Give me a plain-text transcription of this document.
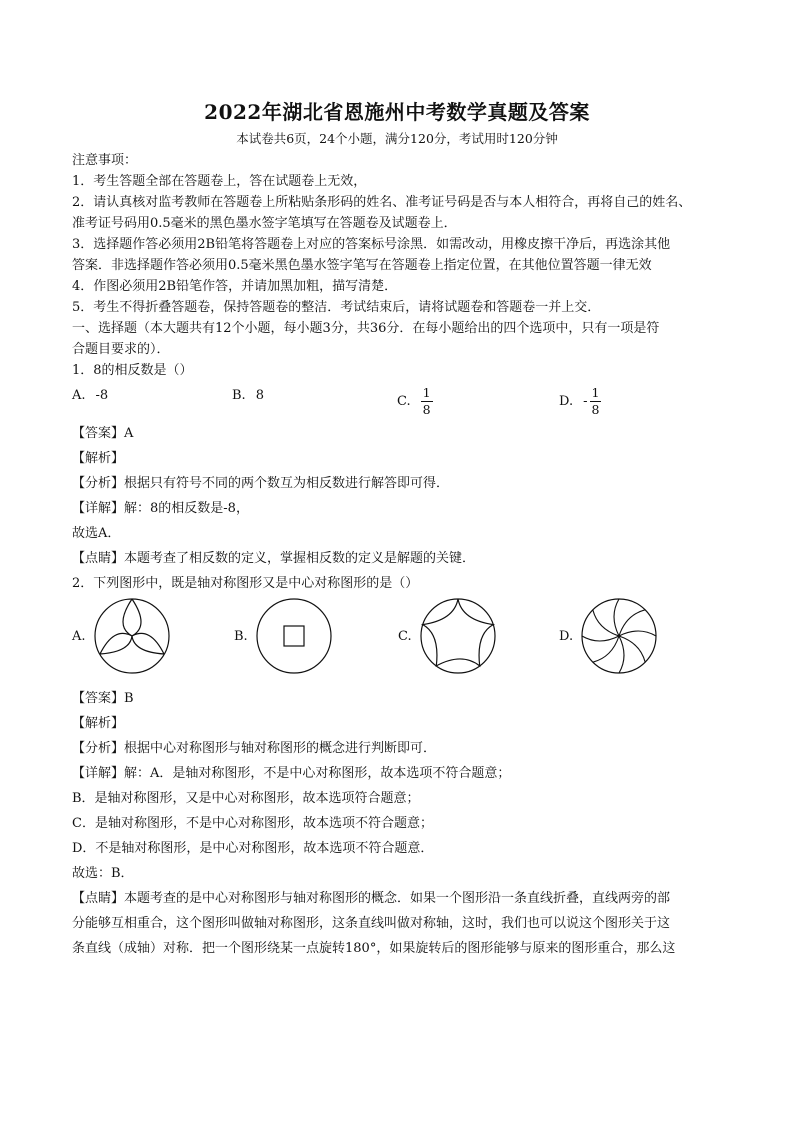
2022年湖北省恩施州中考数学真题及答案
本试卷共6页，24个小题，满分120分，考试用时120分钟
注意事项：
1．考生答题全部在答题卷上，答在试题卷上无效，
2．请认真核对监考教师在答题卷上所粘贴条形码的姓名、准考证号码是否与本人相符合，再将自己的姓名、
准考证号码用0.5毫米的黑色墨水签字笔填写在答题卷及试题卷上．
3．选择题作答必须用2B铅笔将答题卷上对应的答案标号涂黑．如需改动，用橡皮擦干净后，再选涂其他
答案．非选择题作答必须用0.5毫米黑色墨水签字笔写在答题卷上指定位置，在其他位置答题一律无效
4．作图必须用2B铅笔作答，并请加黑加粗，描写清楚．
5．考生不得折叠答题卷，保持答题卷的整洁．考试结束后，请将试题卷和答题卷一并上交．
一、选择题（本大题共有12个小题，每小题3分，共36分．在每小题给出的四个选项中，只有一项是符
合题目要求的）．
1．8的相反数是（）
A. -8	B. 8	C. $\frac{1}{8}$	D. - $\frac{1}{8}$
【答案】A
【解析】
【分析】根据只有符号不同的两个数互为相反数进行解答即可得．
【详解】解：8的相反数是-8，
故选A．
【点睛】本题考查了相反数的定义，掌握相反数的定义是解题的关键．
2．下列图形中，既是轴对称图形又是中心对称图形的是（）
A.	B.	C.	D.
【答案】B
【解析】
【分析】根据中心对称图形与轴对称图形的概念进行判断即可．
【详解】解：A．是轴对称图形，不是中心对称图形，故本选项不符合题意；
B．是轴对称图形，又是中心对称图形，故本选项符合题意；
C．是轴对称图形，不是中心对称图形，故本选项不符合题意；
D．不是轴对称图形，是中心对称图形，故本选项不符合题意．
故选：B．
【点睛】本题考查的是中心对称图形与轴对称图形的概念．如果一个图形沿一条直线折叠，直线两旁的部
分能够互相重合，这个图形叫做轴对称图形，这条直线叫做对称轴，这时，我们也可以说这个图形关于这
条直线（成轴）对称．把一个图形绕某一点旋转180°，如果旋转后的图形能够与原来的图形重合，那么这
